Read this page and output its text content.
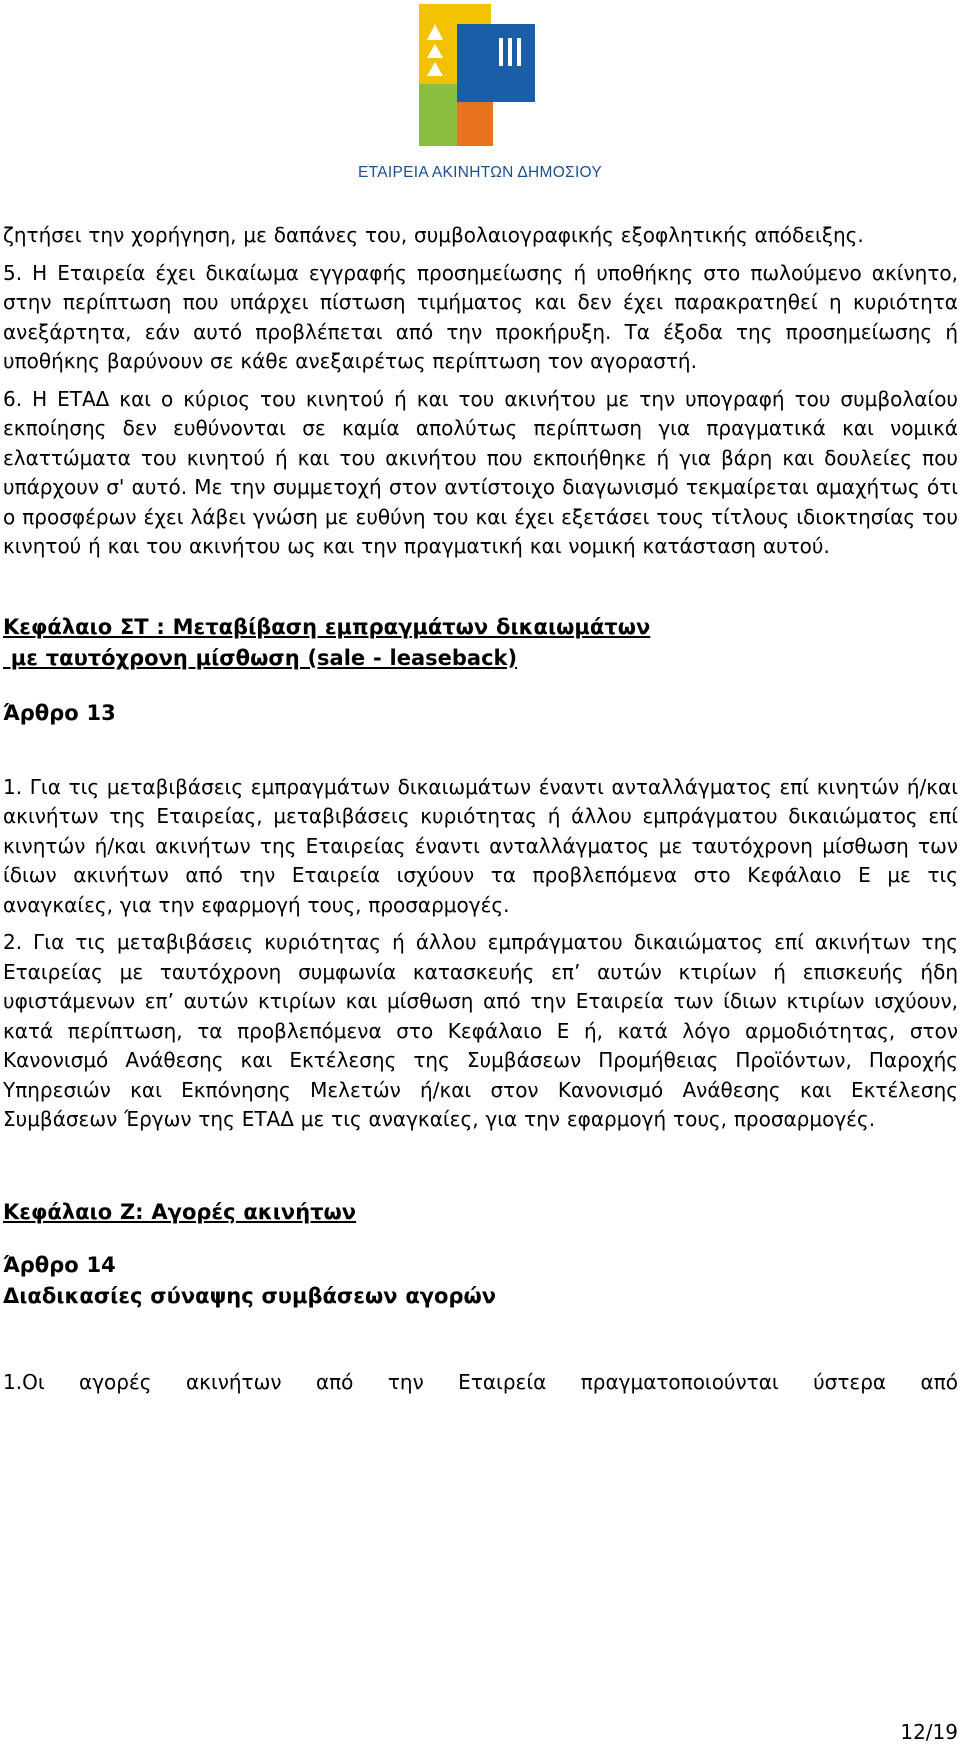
ΕΤΑΙΡΕΙΑ ΑΚΙΝΗΤΩΝ ΔΗΜΟΣΙΟΥ

ζητήσει την χορήγηση, με δαπάνες του, συμβολαιογραφικής εξοφλητικής απόδειξης.

5. Η Εταιρεία έχει δικαίωμα εγγραφής προσημείωσης ή υποθήκης στο πωλούμενο ακίνητο, στην περίπτωση που υπάρχει πίστωση τιμήματος και δεν έχει παρακρατηθεί η κυριότητα ανεξάρτητα, εάν αυτό προβλέπεται από την προκήρυξη. Τα έξοδα της προσημείωσης ή υποθήκης βαρύνουν σε κάθε ανεξαιρέτως περίπτωση τον αγοραστή.

6. Η ΕΤΑΔ και ο κύριος του κινητού ή και του ακινήτου με την υπογραφή του συμβολαίου εκποίησης δεν ευθύνονται σε καμία απολύτως περίπτωση για πραγματικά και νομικά ελαττώματα του κινητού ή και του ακινήτου που εκποιήθηκε ή για βάρη και δουλείες που υπάρχουν σ' αυτό. Με την συμμετοχή στον αντίστοιχο διαγωνισμό τεκμαίρεται αμαχήτως ότι ο προσφέρων έχει λάβει γνώση με ευθύνη του και έχει εξετάσει τους τίτλους ιδιοκτησίας του κινητού ή και του ακινήτου ως και την πραγματική και νομική κατάσταση αυτού.

Κεφάλαιο ΣΤ : Μεταβίβαση εμπραγμάτων δικαιωμάτων

με ταυτόχρονη μίσθωση (sale - leaseback)

Άρθρο 13

1. Για τις μεταβιβάσεις εμπραγμάτων δικαιωμάτων έναντι ανταλλάγματος επί κινητών ή/και ακινήτων της Εταιρείας, μεταβιβάσεις κυριότητας ή άλλου εμπράγματου δικαιώματος επί κινητών ή/και ακινήτων της Εταιρείας έναντι ανταλλάγματος με ταυτόχρονη μίσθωση των ίδιων ακινήτων από την Εταιρεία ισχύουν τα προβλεπόμενα στο Κεφάλαιο Ε με τις αναγκαίες, για την εφαρμογή τους, προσαρμογές.

2. Για τις μεταβιβάσεις κυριότητας ή άλλου εμπράγματου δικαιώματος επί ακινήτων της Εταιρείας με ταυτόχρονη συμφωνία κατασκευής επ’ αυτών κτιρίων ή επισκευής ήδη υφιστάμενων επ’ αυτών κτιρίων και μίσθωση από την Εταιρεία των ίδιων κτιρίων ισχύουν, κατά περίπτωση, τα προβλεπόμενα στο Κεφάλαιο Ε ή, κατά λόγο αρμοδιότητας, στον Κανονισμό Ανάθεσης και Εκτέλεσης της Συμβάσεων Προμήθειας Προϊόντων, Παροχής Υπηρεσιών και Εκπόνησης Μελετών ή/και στον Κανονισμό Ανάθεσης και Εκτέλεσης Συμβάσεων Έργων της ΕΤΑΔ με τις αναγκαίες, για την εφαρμογή τους, προσαρμογές.

Κεφάλαιο Ζ: Αγορές ακινήτων

Άρθρο 14

Διαδικασίες σύναψης συμβάσεων αγορών

1.Οι αγορές ακινήτων από την Εταιρεία πραγματοποιούνται ύστερα από

12/19
